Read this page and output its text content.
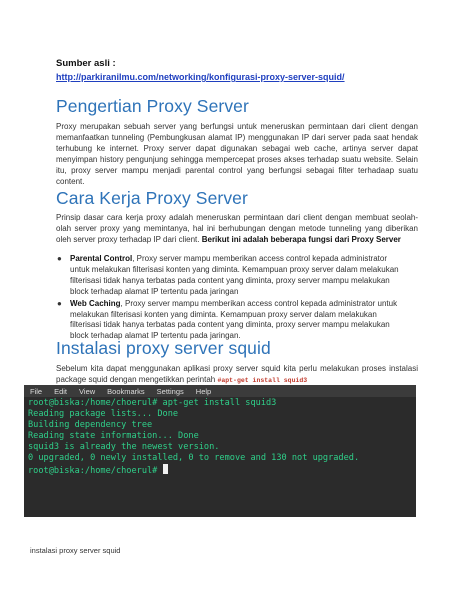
Sumber asli :
http://parkiranilmu.com/networking/konfigurasi-proxy-server-squid/
Pengertian Proxy Server

Proxy merupakan sebuah server yang berfungsi untuk meneruskan permintaan dari client dengan memanfaatkan tunneling (Pembungkusan alamat IP) menggunakan IP dari server pada saat hendak terhubung ke internet. Proxy server dapat digunakan sebagai web cache, artinya server dapat menyimpan history pengunjung sehingga mempercepat proses akses terhadap suatu website. Selain itu, proxy server mampu menjadi parental control yang berfungsi sebagai filter terhadaap suatu content.

Cara Kerja Proxy Server

Prinsip dasar cara kerja proxy adalah meneruskan permintaan dari client dengan membuat seolah-olah server proxy yang memintanya, hal ini berhubungan dengan metode tunneling yang diberikan oleh server proxy terhadap IP dari client. Berikut ini adalah beberapa fungsi dari Proxy Server

● Parental Control, Proxy server mampu memberikan access control kepada administrator untuk melakukan filterisasi konten yang diminta. Kemampuan proxy server dalam melakukan filterisasi tidak hanya terbatas pada content yang diminta, proxy server mampu melakukan block terhadap alamat IP tertentu pada jaringan
● Web Caching, Proxy server mampu memberikan access control kepada administrator untuk melakukan filterisasi konten yang diminta. Kemampuan proxy server dalam melakukan filterisasi tidak hanya terbatas pada content yang diminta, proxy server mampu melakukan block terhadap alamat IP tertentu pada jaringan.
Instalasi proxy server squid

Sebelum kita dapat menggunakan aplikasi proxy server squid kita perlu melakukan proses instalasi package squid dengan mengetikkan perintah #apt-get install squid3

File Edit View Bookmarks Settings Help
root@biska:/home/choerul# apt-get install squid3
Reading package lists... Done
Building dependency tree
Reading state information... Done
squid3 is already the newest version.
0 upgraded, 0 newly installed, 0 to remove and 130 not upgraded.
root@biska:/home/choerul#
instalasi proxy server squid
